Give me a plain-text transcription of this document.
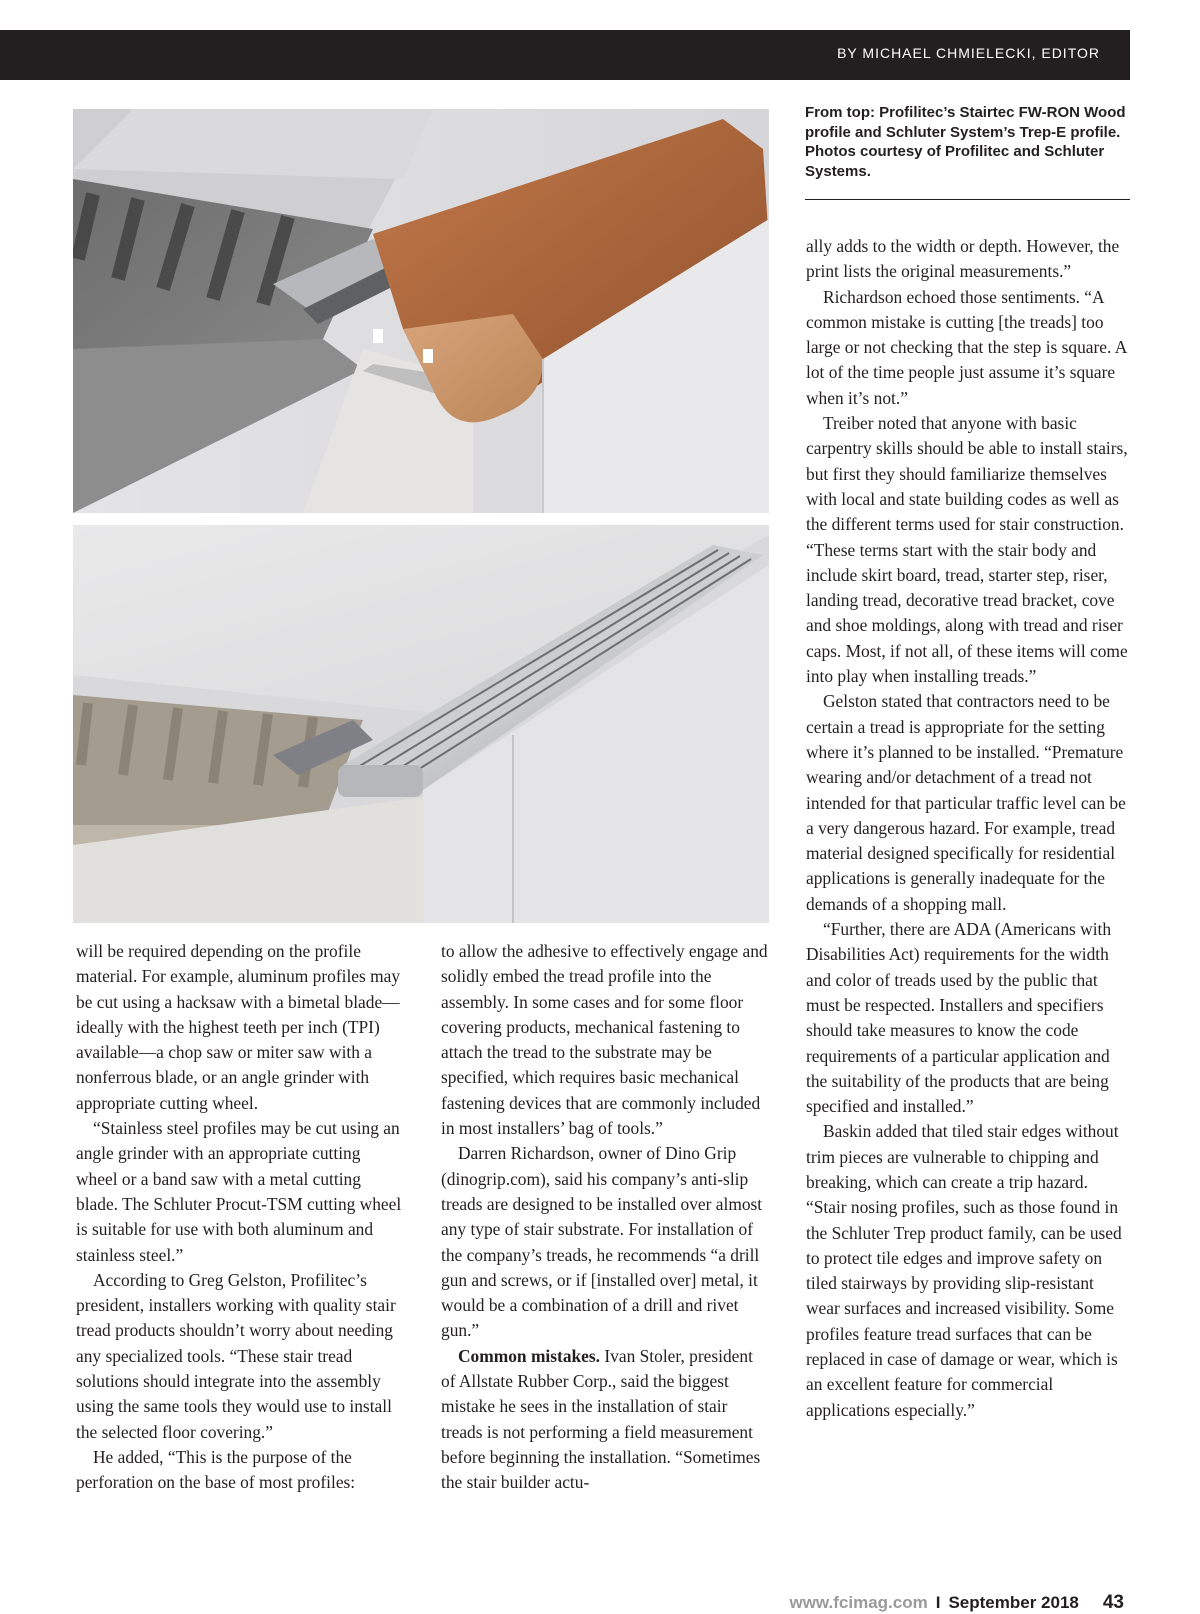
BY MICHAEL CHMIELECKI, EDITOR
From top: Profilitec’s Stairtec FW-RON Wood profile and Schluter System’s Trep-E profile. Photos courtesy of Profilitec and Schluter Systems.

will be required depending on the profile material. For example, aluminum profiles may be cut using a hacksaw with a bimetal blade—ideally with the highest teeth per inch (TPI) available—a chop saw or miter saw with a nonferrous blade, or an angle grinder with appropriate cutting wheel.

“Stainless steel profiles may be cut using an angle grinder with an appropriate cutting wheel or a band saw with a metal cutting blade. The Schluter Procut-TSM cutting wheel is suitable for use with both aluminum and stainless steel.”

According to Greg Gelston, Profilitec’s president, installers working with quality stair tread products shouldn’t worry about needing any specialized tools. “These stair tread solutions should integrate into the assembly using the same tools they would use to install the selected floor covering.”

He added, “This is the purpose of the perforation on the base of most profiles:

to allow the adhesive to effectively engage and solidly embed the tread profile into the assembly. In some cases and for some floor covering products, mechanical fastening to attach the tread to the substrate may be specified, which requires basic mechanical fastening devices that are commonly included in most installers’ bag of tools.”

Darren Richardson, owner of Dino Grip (dinogrip.com), said his company’s anti-slip treads are designed to be installed over almost any type of stair substrate. For installation of the company’s treads, he recommends “a drill gun and screws, or if [installed over] metal, it would be a combination of a drill and rivet gun.”

Common mistakes. Ivan Stoler, president of Allstate Rubber Corp., said the biggest mistake he sees in the installation of stair treads is not performing a field measurement before beginning the installation. “Sometimes the stair builder actu-

ally adds to the width or depth. However, the print lists the original measurements.”

Richardson echoed those sentiments. “A common mistake is cutting [the treads] too large or not checking that the step is square. A lot of the time people just assume it’s square when it’s not.”

Treiber noted that anyone with basic carpentry skills should be able to install stairs, but first they should familiarize themselves with local and state building codes as well as the different terms used for stair construction. “These terms start with the stair body and include skirt board, tread, starter step, riser, landing tread, decorative tread bracket, cove and shoe moldings, along with tread and riser caps. Most, if not all, of these items will come into play when installing treads.”

Gelston stated that contractors need to be certain a tread is appropriate for the setting where it’s planned to be installed. “Premature wearing and/or detachment of a tread not intended for that particular traffic level can be a very dangerous hazard. For example, tread material designed specifically for residential applications is generally inadequate for the demands of a shopping mall.

“Further, there are ADA (Americans with Disabilities Act) requirements for the width and color of treads used by the public that must be respected. Installers and specifiers should take measures to know the code requirements of a particular application and the suitability of the products that are being specified and installed.”

Baskin added that tiled stair edges without trim pieces are vulnerable to chipping and breaking, which can create a trip hazard. “Stair nosing profiles, such as those found in the Schluter Trep product family, can be used to protect tile edges and improve safety on tiled stairways by providing slip-resistant wear surfaces and increased visibility. Some profiles feature tread surfaces that can be replaced in case of damage or wear, which is an excellent feature for commercial applications especially.”

www.fcimag.com I September 2018 43
